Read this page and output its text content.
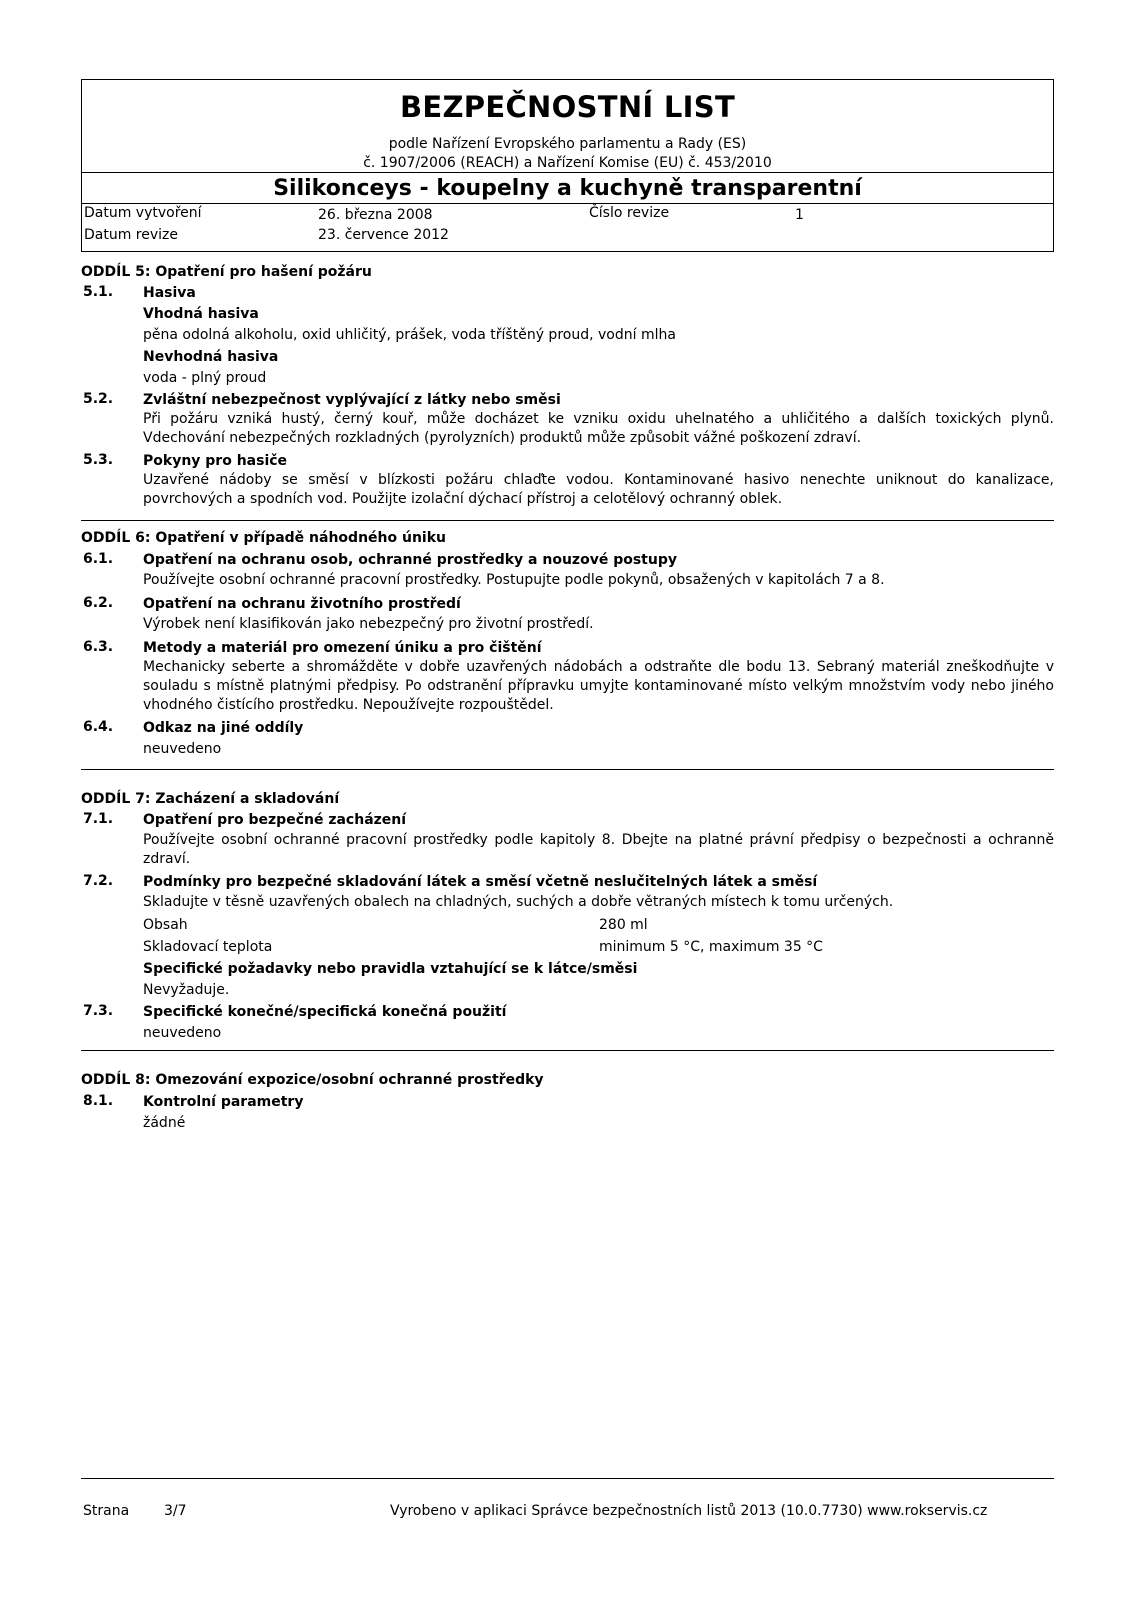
BEZPEČNOSTNÍ LIST
podle Nařízení Evropského parlamentu a Rady (ES)
č. 1907/2006 (REACH) a Nařízení Komise (EU) č. 453/2010
Silikonceys - koupelny a kuchyně transparentní
Datum vytvoření	26. března 2008	Číslo revize	1
Datum revize	23. července 2012
ODDÍL 5: Opatření pro hašení požáru
5.1. Hasiva
Vhodná hasiva
pěna odolná alkoholu, oxid uhličitý, prášek, voda tříštěný proud, vodní mlha
Nevhodná hasiva
voda - plný proud
5.2. Zvláštní nebezpečnost vyplývající z látky nebo směsi
Při požáru vzniká hustý, černý kouř, může docházet ke vzniku oxidu uhelnatého a uhličitého a dalších toxických plynů. Vdechování nebezpečných rozkladných (pyrolyzních) produktů může způsobit vážné poškození zdraví.
5.3. Pokyny pro hasiče
Uzavřené nádoby se směsí v blízkosti požáru chlaďte vodou. Kontaminované hasivo nenechte uniknout do kanalizace, povrchových a spodních vod. Použijte izolační dýchací přístroj a celotělový ochranný oblek.
ODDÍL 6: Opatření v případě náhodného úniku
6.1. Opatření na ochranu osob, ochranné prostředky a nouzové postupy
Používejte osobní ochranné pracovní prostředky. Postupujte podle pokynů, obsažených v kapitolách 7 a 8.
6.2. Opatření na ochranu životního prostředí
Výrobek není klasifikován jako nebezpečný pro životní prostředí.
6.3. Metody a materiál pro omezení úniku a pro čištění
Mechanicky seberte a shromážděte v dobře uzavřených nádobách a odstraňte dle bodu 13. Sebraný materiál zneškodňujte v souladu s místně platnými předpisy. Po odstranění přípravku umyjte kontaminované místo velkým množstvím vody nebo jiného vhodného čistícího prostředku. Nepoužívejte rozpouštědel.
6.4. Odkaz na jiné oddíly
neuvedeno
ODDÍL 7: Zacházení a skladování
7.1. Opatření pro bezpečné zacházení
Používejte osobní ochranné pracovní prostředky podle kapitoly 8. Dbejte na platné právní předpisy o bezpečnosti a ochranně zdraví.
7.2. Podmínky pro bezpečné skladování látek a směsí včetně neslučitelných látek a směsí
Skladujte v těsně uzavřených obalech na chladných, suchých a dobře větraných místech k tomu určených.
Obsah	280 ml
Skladovací teplota	minimum 5 °C, maximum 35 °C
Specifické požadavky nebo pravidla vztahující se k látce/směsi
Nevyžaduje.
7.3. Specifické konečné/specifická konečná použití
neuvedeno
ODDÍL 8: Omezování expozice/osobní ochranné prostředky
8.1. Kontrolní parametry
žádné
Strana 3/7	Vyrobeno v aplikaci Správce bezpečnostních listů 2013 (10.0.7730) www.rokservis.cz
